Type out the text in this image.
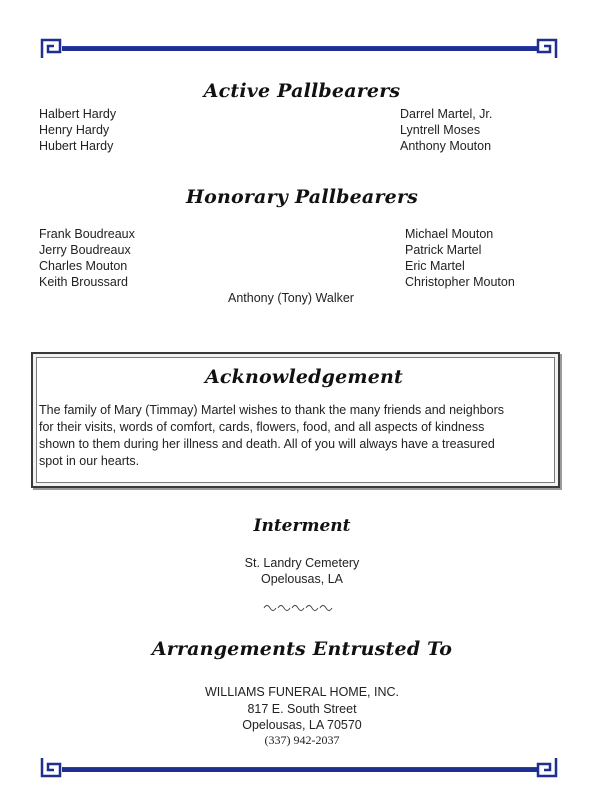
Active Pallbearers
Halbert Hardy
Henry Hardy
Hubert Hardy
Darrel Martel, Jr.
Lyntrell Moses
Anthony Mouton
Honorary Pallbearers
Frank Boudreaux
Jerry Boudreaux
Charles Mouton
Keith Broussard
Michael Mouton
Patrick Martel
Eric Martel
Christopher Mouton
Anthony (Tony) Walker
Acknowledgement
The family of Mary (Timmay) Martel wishes to thank the many friends and neighbors
for their visits, words of comfort, cards, flowers, food, and all aspects of kindness
shown to them during her illness and death. All of you will always have a treasured
spot in our hearts.
Interment
St. Landry Cemetery
Opelousas, LA
Arrangements Entrusted To
WILLIAMS FUNERAL HOME, INC.
817 E. South Street
Opelousas, LA 70570
(337) 942-2037
